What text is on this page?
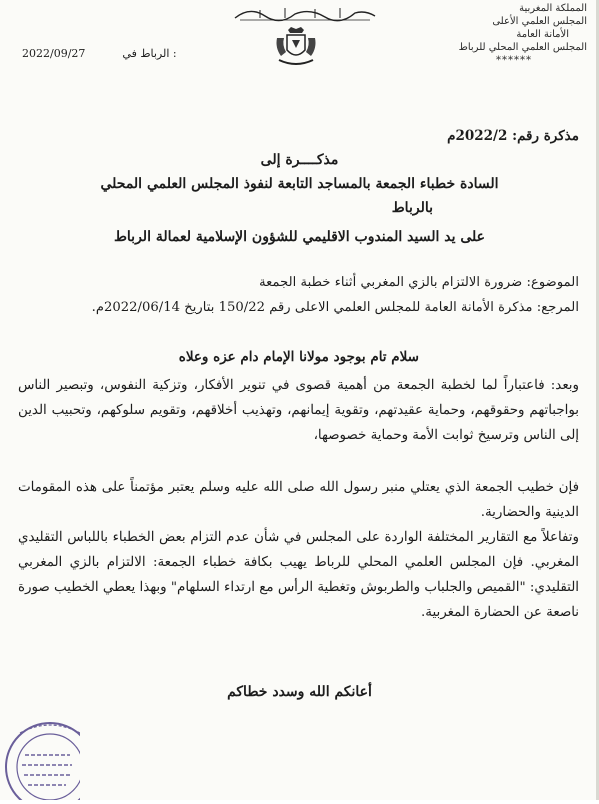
المملكة المغربية
المجلس العلمي الأعلى
الأمانة العامة
المجلس العلمي المحلي للرباط
******
2022/09/27	الرباط في :
مذكرة رقم: 2022/2م
مذكــــرة إلى
السادة خطباء الجمعة بالمساجد التابعة لنفوذ المجلس العلمي المحلي
بالرباط
على يد السيد المندوب الاقليمي للشؤون الإسلامية لعمالة الرباط
الموضوع: ضرورة الالتزام بالزي المغربي أثناء خطبة الجمعة
المرجع: مذكرة الأمانة العامة للمجلس العلمي الاعلى رقم 150/22 بتاريخ 2022/06/14م.
سلام تام بوجود مولانا الإمام دام عزه وعلاه
وبعد: فاعتباراً لما لخطبة الجمعة من أهمية قصوى في تنوير الأفكار، وتزكية النفوس، وتبصير الناس بواجباتهم وحقوقهم، وحماية عقيدتهم، وتقوية إيمانهم، وتهذيب أخلاقهم، وتقويم سلوكهم، وتحبيب الدين إلى الناس وترسيخ ثوابت الأمة وحماية خصوصها،
فإن خطيب الجمعة الذي يعتلي منبر رسول الله صلى الله عليه وسلم يعتبر مؤتمناً على هذه المقومات الدينية والحضارية.
وتفاعلاً مع التقارير المختلفة الواردة على المجلس في شأن عدم التزام بعض الخطباء باللباس التقليدي المغربي. فإن المجلس العلمي المحلي للرباط يهيب بكافة خطباء الجمعة: الالتزام بالزي المغربي التقليدي: "القميص والجلباب والطربوش وتغطية الرأس مع ارتداء السلهام" وبهذا يعطي الخطيب صورة ناصعة عن الحضارة المغربية.
أعانكم الله وسدد خطاكم
